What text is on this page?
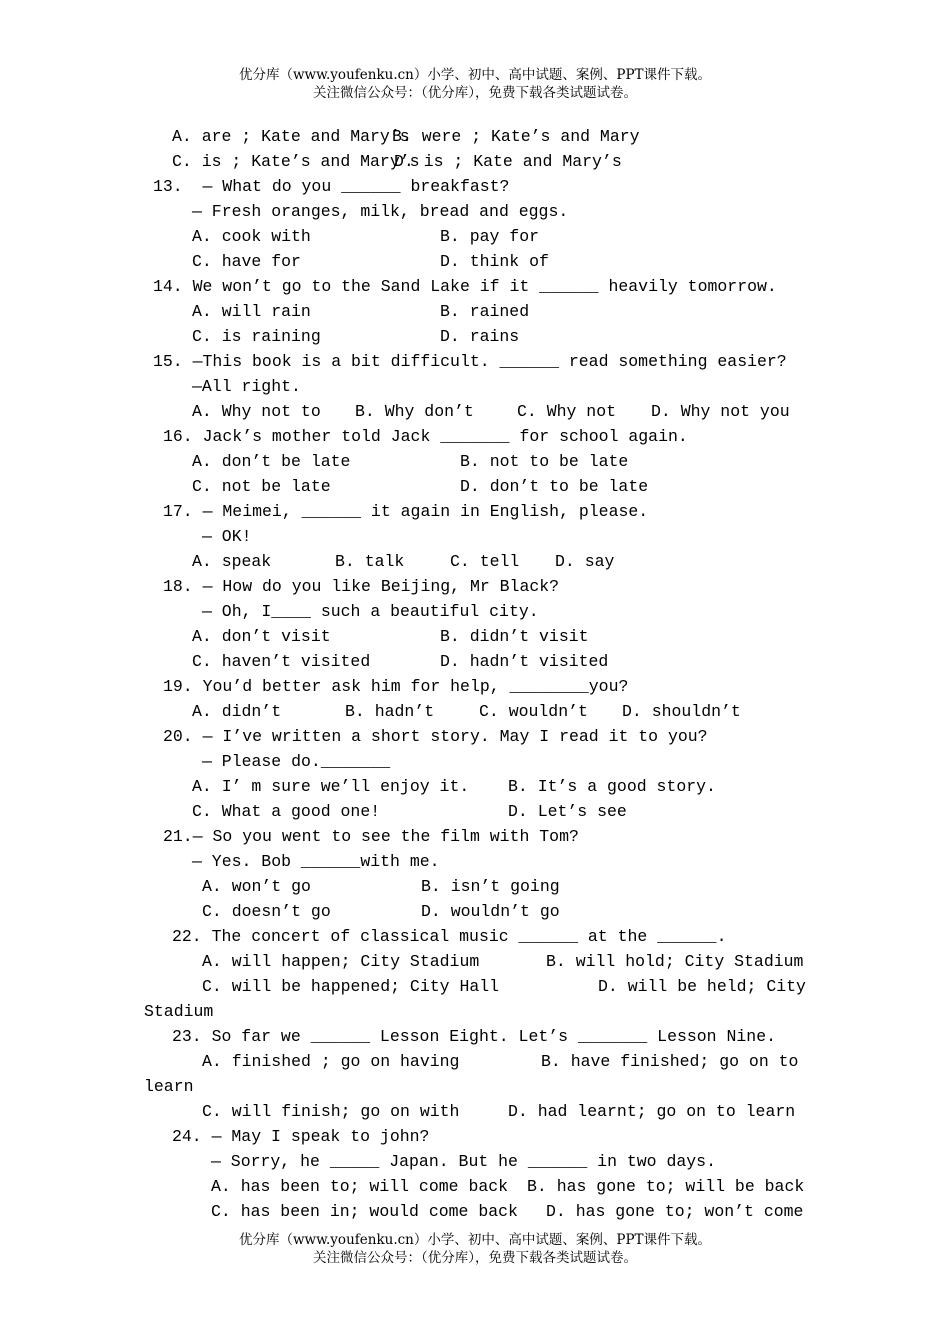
优分库（www.youfenku.cn）小学、初中、高中试题、案例、PPT课件下载。
关注微信公众号：（优分库），免费下载各类试题试卷。
A. are ; Kate and Mary’s
B. were ; Kate’s and Mary
C. is ; Kate’s and Mary’s
D. is ; Kate and Mary’s
13.  — What do you ______ breakfast?
— Fresh oranges, milk, bread and eggs.
A. cook with	B. pay for
C. have for	D. think of
14. We won’t go to the Sand Lake if it ______ heavily tomorrow.
A. will rain	B. rained
C. is raining	D. rains
15. —This book is a bit difficult. ______ read something easier?
—All right.
A. Why not to B. Why don’t	C. Why not D. Why not you
16. Jack’s mother told Jack _______ for school again.
A. don’t be late	B. not to be late
C. not be late	D. don’t to be late
17. — Meimei, ______ it again in English, please.
— OK!
A. speak	B. talk	C. tell D. say
18. — How do you like Beijing, Mr Black?
— Oh, I____ such a beautiful city.
A. don’t visit	B. didn’t visit
C. haven’t visited	D. hadn’t visited
19. You’d better ask him for help, ________you?
A. didn’t	B. hadn’t	C. wouldn’t D. shouldn’t
20. — I’ve written a short story. May I read it to you?
— Please do._______
A. I’ m sure we’ll enjoy it. B. It’s a good story.
C. What a good one!	D. Let’s see
21.— So you went to see the film with Tom?
— Yes. Bob ______with me.
A. won’t go	B. isn’t going
C. doesn’t go	D. wouldn’t go
22. The concert of classical music ______ at the ______.
A. will happen; City Stadium	B. will hold; City Stadium
C. will be happened; City Hall	D. will be held; City
Stadium
23. So far we ______ Lesson Eight. Let’s _______ Lesson Nine.
A. finished ; go on having	B. have finished; go on to
learn
C. will finish; go on with	D. had learnt; go on to learn
24. — May I speak to john?
— Sorry, he _____ Japan. But he ______ in two days.
A. has been to; will come back B. has gone to; will be back
C. has been in; would come back D. has gone to; won’t come
优分库（www.youfenku.cn）小学、初中、高中试题、案例、PPT课件下载。
关注微信公众号：（优分库），免费下载各类试题试卷。
